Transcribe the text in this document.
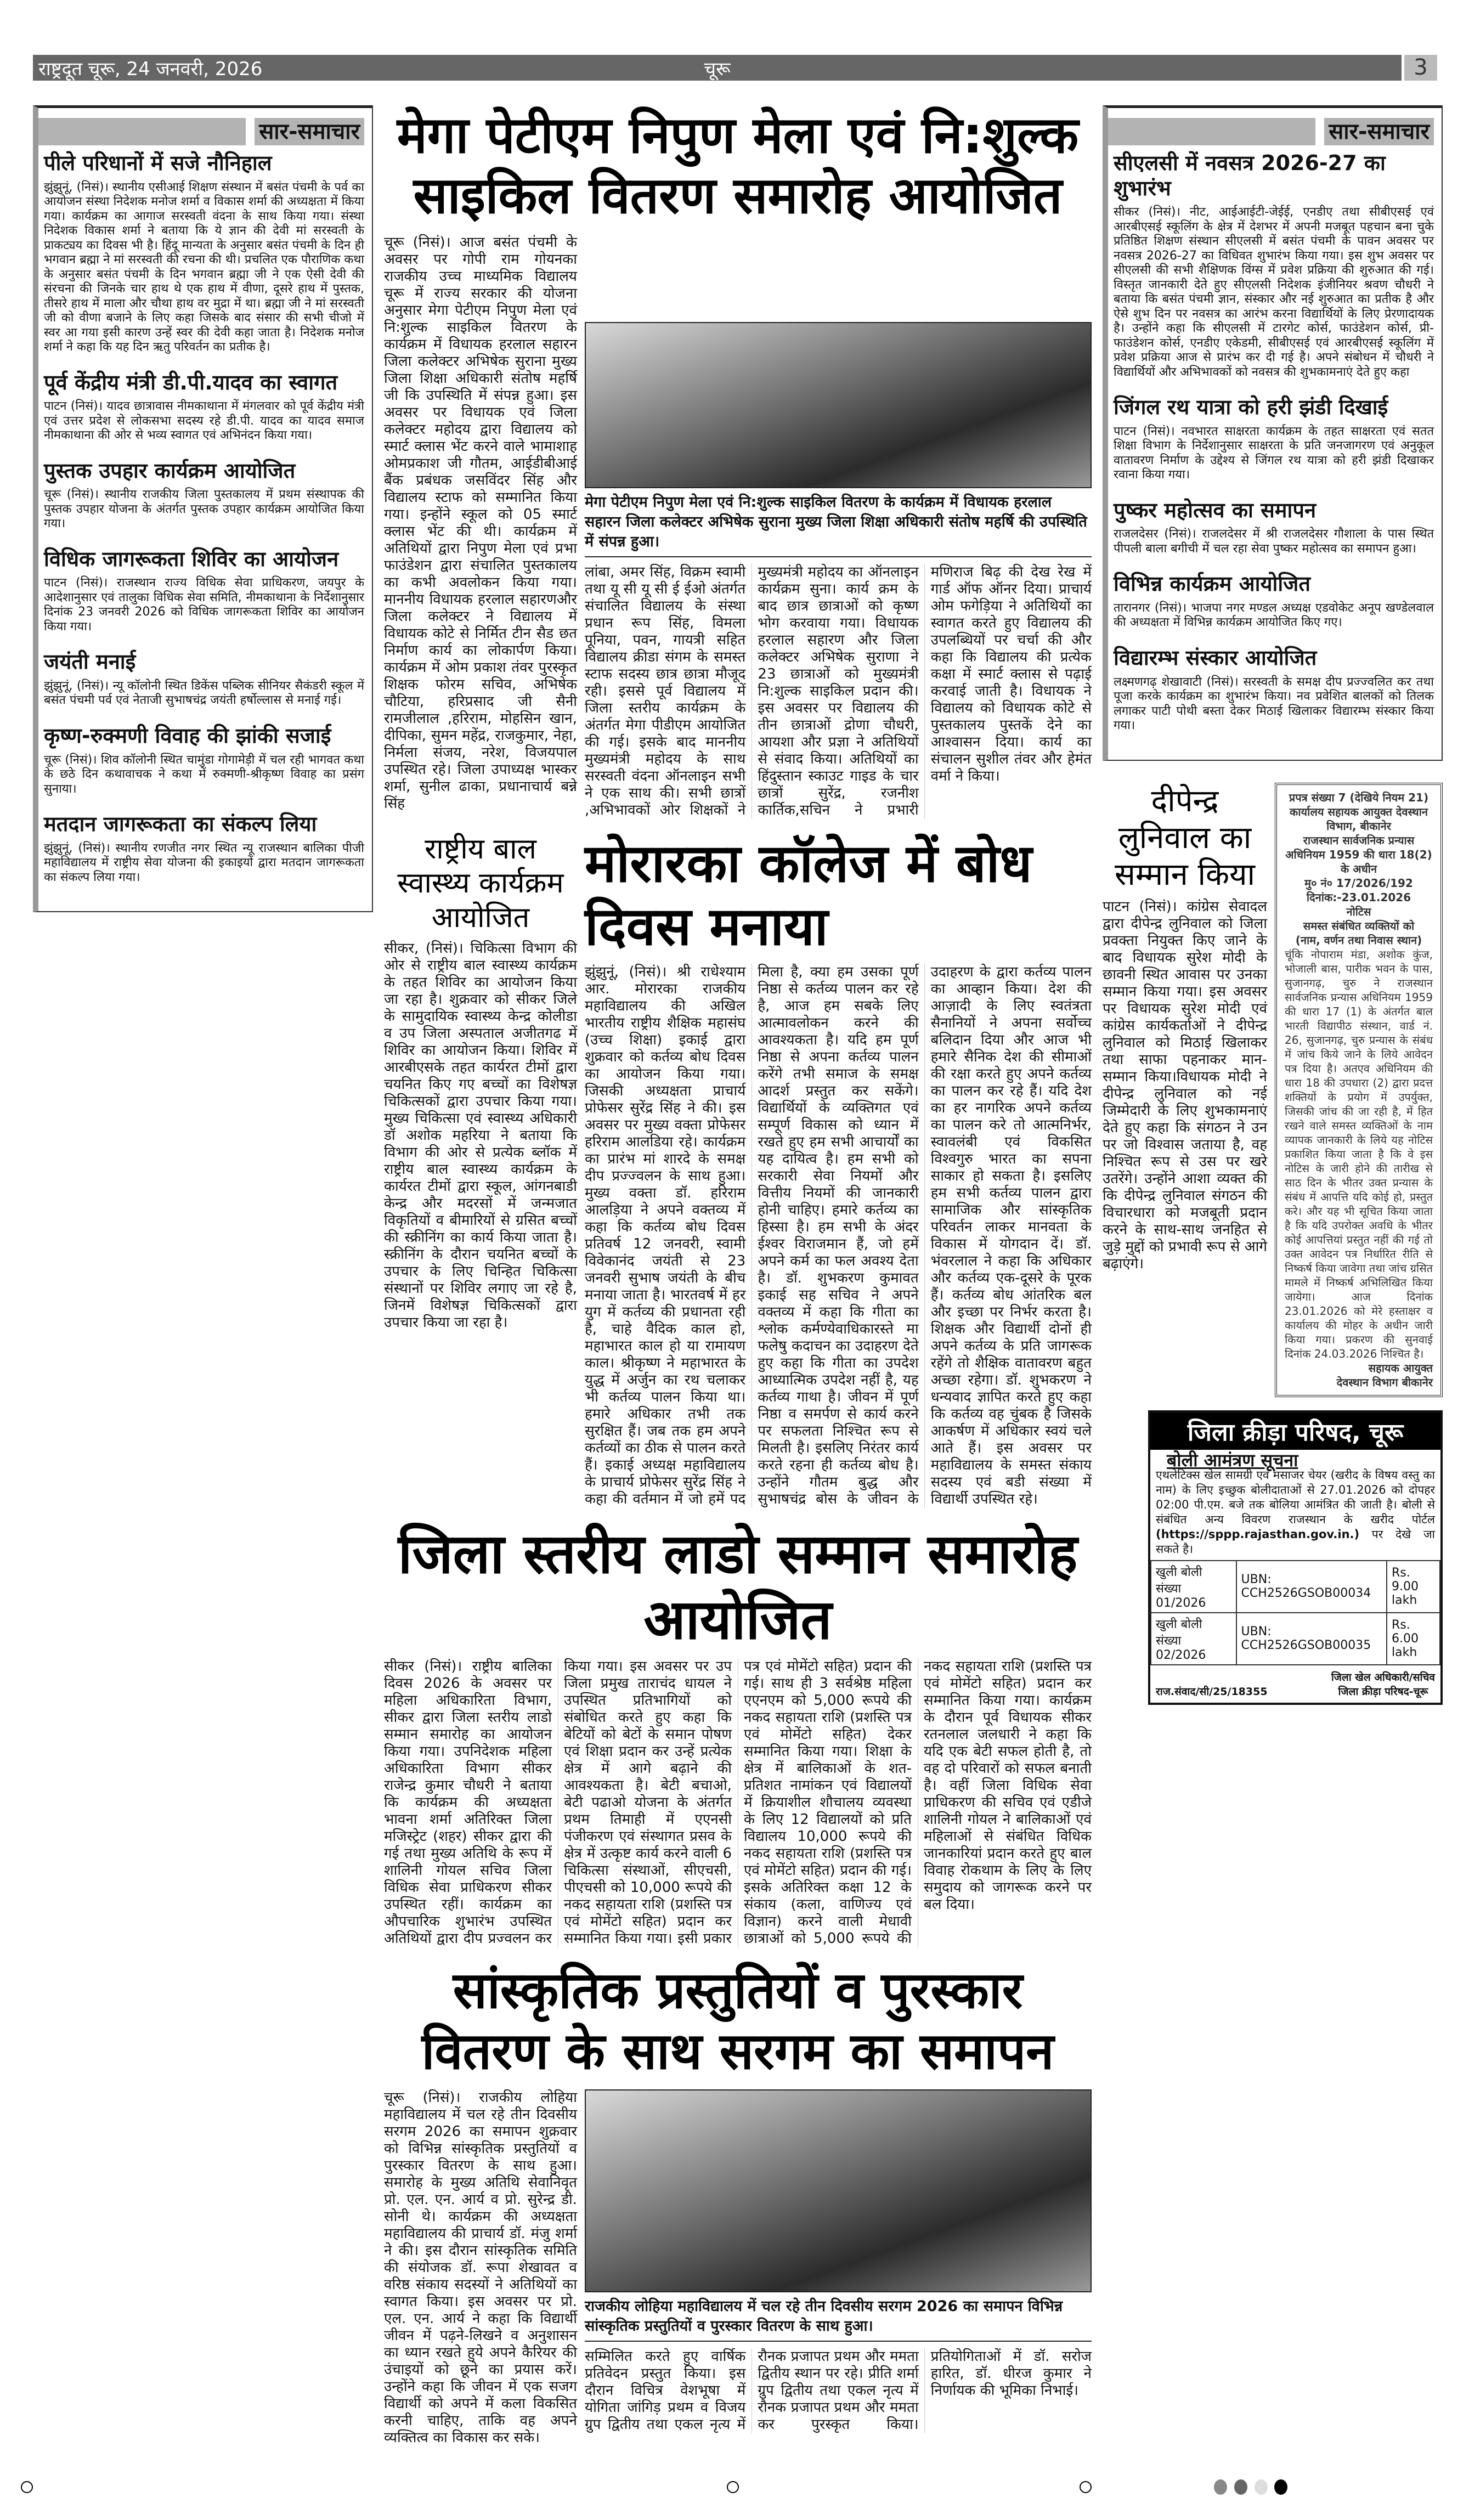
राष्ट्रदूत चूरू, 24 जनवरी, 2026	चूरू	3
सार-समाचार
पीले परिधानों में सजे नौनिहाल
झुंझुनूं, (निसं)। स्थानीय एसीआई शिक्षण संस्थान में बसंत पंचमी के पर्व का आयोजन संस्था निदेशक मनोज शर्मा व विकास शर्मा की अध्यक्षता में किया गया। कार्यक्रम का आगाज सरस्वती वंदना के साथ किया गया। संस्था निदेशक विकास शर्मा ने बताया कि ये ज्ञान की देवी मां सरस्वती के प्राकट्यय का दिवस भी है। हिंदू मान्यता के अनुसार बसंत पंचमी के दिन ही भगवान ब्रह्मा ने मां सरस्वती की रचना की थी। प्रचलित एक पौराणिक कथा के अनुसार बसंत पंचमी के दिन भगवान ब्रह्मा जी ने एक ऐसी देवी की संरचना की जिनके चार हाथ थे एक हाथ में वीणा, दूसरे हाथ में पुस्तक, तीसरे हाथ में माला और चौथा हाथ वर मुद्रा में था। ब्रह्मा जी ने मां सरस्वती जी को वीणा बजाने के लिए कहा जिसके बाद संसार की सभी चीजो में स्वर आ गया इसी कारण उन्हें स्वर की देवी कहा जाता है। निदेशक मनोज शर्मा ने कहा कि यह दिन ऋतु परिवर्तन का प्रतीक है।
पूर्व केंद्रीय मंत्री डी.पी.यादव का स्वागत
पाटन (निसं)। यादव छात्रावास नीमकाथाना में मंगलवार को पूर्व केंद्रीय मंत्री एवं उत्तर प्रदेश से लोकसभा सदस्य रहे डी.पी. यादव का यादव समाज नीमकाथाना की ओर से भव्य स्वागत एवं अभिनंदन किया गया।
पुस्तक उपहार कार्यक्रम आयोजित
चूरू (निसं)। स्थानीय राजकीय जिला पुस्तकालय में प्रथम संस्थापक की पुस्तक उपहार योजना के अंतर्गत पुस्तक उपहार कार्यक्रम आयोजित किया गया।
विधिक जागरूकता शिविर का आयोजन
पाटन (निसं)। राजस्थान राज्य विधिक सेवा प्राधिकरण, जयपुर के आदेशानुसार एवं तालुका विधिक सेवा समिति, नीमकाथाना के निर्देशानुसार दिनांक 23 जनवरी 2026 को विधिक जागरूकता शिविर का आयोजन किया गया।
जयंती मनाई
झुंझुनूं, (निसं)। न्यू कॉलोनी स्थित डिकेंस पब्लिक सीनियर सैकंडरी स्कूल में बसंत पंचमी पर्व एवं नेताजी सुभाषचंद्र जयंती हर्षोल्लास से मनाई गई।
कृष्ण-रुक्मणी विवाह की झांकी सजाई
चूरू (निसं)। शिव कॉलोनी स्थित चामुंडा गोगामेड़ी में चल रही भागवत कथा के छठे दिन कथावाचक ने कथा में रुक्मणी-श्रीकृष्ण विवाह का प्रसंग सुनाया।
मतदान जागरूकता का संकल्प लिया
झुंझुनूं, (निसं)। स्थानीय रणजीत नगर स्थित न्यू राजस्थान बालिका पीजी महाविद्यालय में राष्ट्रीय सेवा योजना की इकाइयों द्वारा मतदान जागरूकता का संकल्प लिया गया।
मेगा पेटीएम निपुण मेला एवं नि:शुल्क साइकिल वितरण समारोह आयोजित
चूरू (निसं)। आज बसंत पंचमी के अवसर पर गोपी राम गोयनका राजकीय उच्च माध्यमिक विद्यालय चूरू में राज्य सरकार की योजना अनुसार मेगा पेटीएम निपुण मेला एवं नि:शुल्क साइकिल वितरण के कार्यक्रम में विधायक हरलाल सहारन जिला कलेक्टर अभिषेक सुराना मुख्य जिला शिक्षा अधिकारी संतोष महर्षि जी कि उपस्थिति में संपन्न हुआ। इस अवसर पर विधायक एवं जिला कलेक्टर महोदय द्वारा विद्यालय को स्मार्ट क्लास भेंट करने वाले भामाशाह ओमप्रकाश जी गौतम, आईडीबीआई बैंक प्रबंधक जसविंदर सिंह और विद्यालय स्टाफ को सम्मानित किया गया। इन्होंने स्कूल को 05 स्मार्ट क्लास भेंट की थी। कार्यक्रम में अतिथियों द्वारा निपुण मेला एवं प्रभा फाउंडेशन द्वारा संचालित पुस्तकालय का कभी अवलोकन किया गया। माननीय विधायक हरलाल सहारणऔर जिला कलेक्टर ने विद्यालय में विधायक कोटे से निर्मित टीन सैड छत निर्माण कार्य का लोकार्पण किया। कार्यक्रम में ओम प्रकाश तंवर पुरस्कृत शिक्षक फोरम सचिव, अभिषेक चौटिया, हरिप्रसाद जी सैनी रामजीलाल ,हरिराम, मोहसिन खान, दीपिका, सुमन महेंद्र, राजकुमार, नेहा, निर्मला संजय, नरेश, विजयपाल उपस्थित रहे। जिला उपाध्यक्ष भास्कर शर्मा, सुनील ढाका, प्रधानाचार्य बन्ने सिंह
मेगा पेटीएम निपुण मेला एवं नि:शुल्क साइकिल वितरण के कार्यक्रम में विधायक हरलाल सहारन जिला कलेक्टर अभिषेक सुराना मुख्य जिला शिक्षा अधिकारी संतोष महर्षि की उपस्थिति में संपन्न हुआ।
लांबा, अमर सिंह, विक्रम स्वामी तथा यू सी यू सी ई ईओ अंतर्गत संचालित विद्यालय के संस्था प्रधान रूप सिंह, विमला पूनिया, पवन, गायत्री सहित विद्यालय क्रीडा संगम के समस्त स्टाफ सदस्य छात्र छात्रा मौजूद रही। इससे पूर्व विद्यालय में जिला स्तरीय कार्यक्रम के अंतर्गत मेगा पीडीएम आयोजित की गई। इसके बाद माननीय मुख्यमंत्री महोदय के साथ सरस्वती वंदना ऑनलाइन सभी ने एक साथ की। सभी छात्रों ,अभिभावकों ओर शिक्षकों ने मुख्यमंत्री महोदय का ऑनलाइन कार्यक्रम सुना। कार्य क्रम के बाद छात्र छात्राओं को कृष्ण भोग करवाया गया। विधायक हरलाल सहारण और जिला कलेक्टर अभिषेक सुराणा ने 23 छात्राओं को मुख्यमंत्री नि:शुल्क साइकिल प्रदान की। इस अवसर पर विद्यालय की तीन छात्राओं द्रोणा चौधरी, आयशा और प्रज्ञा ने अतिथियों से संवाद किया। अतिथियों का हिंदुस्तान स्काउट गाइड के चार छात्रों सुरेंद्र, रजनीश कार्तिक,सचिन ने प्रभारी मणिराज बिढ़ की देख रेख में गार्ड ऑफ ऑनर दिया। प्राचार्य ओम फगेड़िया ने अतिथियों का स्वागत करते हुए विद्यालय की उपलब्धियों पर चर्चा की और कहा कि विद्यालय की प्रत्येक कक्षा में स्मार्ट क्लास से पढ़ाई करवाई जाती है। विधायक ने विद्यालय को विधायक कोटे से पुस्तकालय पुस्तकें देने का आश्वासन दिया। कार्य का संचालन सुशील तंवर और हेमंत वर्मा ने किया।
राष्ट्रीय बाल स्वास्थ्य कार्यक्रम आयोजित
सीकर, (निसं)। चिकित्सा विभाग की ओर से राष्ट्रीय बाल स्वास्थ्य कार्यक्रम के तहत शिविर का आयोजन किया जा रहा है। शुक्रवार को सीकर जिले के सामुदायिक स्वास्थ्य केन्द्र कोलीडा व उप जिला अस्पताल अजीतगढ में शिविर का आयोजन किया। शिविर में आरबीएसके तहत कार्यरत टीमों द्वारा चयनित किए गए बच्चों का विशेषज्ञ चिकित्सकों द्वारा उपचार किया गया। मुख्य चिकित्सा एवं स्वास्थ्य अधिकारी डॉ अशोक महरिया ने बताया कि विभाग की ओर से प्रत्येक ब्लॉक में राष्ट्रीय बाल स्वास्थ्य कार्यक्रम के कार्यरत टीमों द्वारा स्कूल, आंगनबाडी केन्द्र और मदरसों में जन्मजात विकृतियों व बीमारियों से ग्रसित बच्चों की स्क्रीनिंग का कार्य किया जाता है। स्क्रीनिंग के दौरान चयनित बच्चों के उपचार के लिए चिन्हित चिकित्सा संस्थानों पर शिविर लगाए जा रहे है, जिनमें विशेषज्ञ चिकित्सकों द्वारा उपचार किया जा रहा है।
मोरारका कॉलेज में बोध दिवस मनाया
झुंझुनूं, (निसं)। श्री राधेश्याम आर. मोरारका राजकीय महाविद्यालय की अखिल भारतीय राष्ट्रीय शैक्षिक महासंघ (उच्च शिक्षा) इकाई द्वारा शुक्रवार को कर्तव्य बोध दिवस का आयोजन किया गया। जिसकी अध्यक्षता प्राचार्य प्रोफेसर सुरेंद्र सिंह ने की। इस अवसर पर मुख्य वक्ता प्रोफेसर हरिराम आलडिया रहे। कार्यक्रम का प्रारंभ मां शारदे के समक्ष दीप प्रज्ज्वलन के साथ हुआ। मुख्य वक्ता डॉ. हरिराम आलड़िया ने अपने वक्तव्य में कहा कि कर्तव्य बोध दिवस प्रतिवर्ष 12 जनवरी, स्वामी विवेकानंद जयंती से 23 जनवरी सुभाष जयंती के बीच मनाया जाता है। भारतवर्ष में हर युग में कर्तव्य की प्रधानता रही है, चाहे वैदिक काल हो, महाभारत काल हो या रामायण काल। श्रीकृष्ण ने महाभारत के युद्ध में अर्जुन का रथ चलाकर भी कर्तव्य पालन किया था। हमारे अधिकार तभी तक सुरक्षित हैं। जब तक हम अपने कर्तव्यों का ठीक से पालन करते हैं। इकाई अध्यक्ष महाविद्यालय के प्राचार्य प्रोफेसर सुरेंद्र सिंह ने कहा की वर्तमान में जो हमें पद मिला है, क्या हम उसका पूर्ण निष्ठा से कर्तव्य पालन कर रहे है, आज हम सबके लिए आत्मावलोकन करने की आवश्यकता है। यदि हम पूर्ण निष्ठा से अपना कर्तव्य पालन करेंगे तभी समाज के समक्ष आदर्श प्रस्तुत कर सकेंगे। विद्यार्थियों के व्यक्तिगत एवं सम्पूर्ण विकास को ध्यान में रखते हुए हम सभी आचार्यों का यह दायित्व है। हम सभी को सरकारी सेवा नियमों और वित्तीय नियमों की जानकारी होनी चाहिए। हमारे कर्तव्य का हिस्सा है। हम सभी के अंदर ईश्वर विराजमान हैं, जो हमें अपने कर्म का फल अवश्य देता है। डॉ. शुभकरण कुमावत इकाई सह सचिव ने अपने वक्तव्य में कहा कि गीता का श्लोक कर्मण्येवाधिकारस्ते मा फलेषु कदाचन का उदाहरण देते हुए कहा कि गीता का उपदेश आध्यात्मिक उपदेश नहीं है, यह कर्तव्य गाथा है। जीवन में पूर्ण निष्ठा व समर्पण से कार्य करने पर सफलता निश्चित रूप से मिलती है। इसलिए निरंतर कार्य करते रहना ही कर्तव्य बोध है। उन्होंने गौतम बुद्ध और सुभाषचंद्र बोस के जीवन के उदाहरण के द्वारा कर्तव्य पालन का आव्हान किया। देश की आज़ादी के लिए स्वतंत्रता सैनानियों ने अपना सर्वोच्च बलिदान दिया और आज भी हमारे सैनिक देश की सीमाओं की रक्षा करते हुए अपने कर्तव्य का पालन कर रहे हैं। यदि देश का हर नागरिक अपने कर्तव्य का पालन करे तो आत्मनिर्भर, स्वावलंबी एवं विकसित विश्वगुरु भारत का सपना साकार हो सकता है। इसलिए हम सभी कर्तव्य पालन द्वारा सामाजिक और सांस्कृतिक परिवर्तन लाकर मानवता के विकास में योगदान दें। डॉ. भंवरलाल ने कहा कि अधिकार और कर्तव्य एक-दूसरे के पूरक हैं। कर्तव्य बोध आंतरिक बल और इच्छा पर निर्भर करता है। शिक्षक और विद्यार्थी दोनों ही अपने कर्तव्य के प्रति जागरूक रहेंगे तो शैक्षिक वातावरण बहुत अच्छा रहेगा। डॉ. शुभकरण ने धन्यवाद ज्ञापित करते हुए कहा कि कर्तव्य वह चुंबक है जिसके आकर्षण में अधिकार स्वयं चले आते हैं। इस अवसर पर महाविद्यालय के समस्त संकाय सदस्य एवं बडी संख्या में विद्यार्थी उपस्थित रहे।
जिला स्तरीय लाडो सम्मान समारोह आयोजित
सीकर (निसं)। राष्ट्रीय बालिका दिवस 2026 के अवसर पर महिला अधिकारिता विभाग, सीकर द्वारा जिला स्तरीय लाडो सम्मान समारोह का आयोजन किया गया। उपनिदेशक महिला अधिकारिता विभाग सीकर राजेन्द्र कुमार चौधरी ने बताया कि कार्यक्रम की अध्यक्षता भावना शर्मा अतिरिक्त जिला मजिस्ट्रेट (शहर) सीकर द्वारा की गई तथा मुख्य अतिथि के रूप में शालिनी गोयल सचिव जिला विधिक सेवा प्राधिकरण सीकर उपस्थित रहीं। कार्यक्रम का औपचारिक शुभारंभ उपस्थित अतिथियों द्वारा दीप प्रज्वलन कर किया गया। इस अवसर पर उप जिला प्रमुख ताराचंद धायल ने उपस्थित प्रतिभागियों को संबोधित करते हुए कहा कि बेटियों को बेटों के समान पोषण एवं शिक्षा प्रदान कर उन्हें प्रत्येक क्षेत्र में आगे बढ़ाने की आवश्यकता है। बेटी बचाओ, बेटी पढाओ योजना के अंतर्गत प्रथम तिमाही में एएनसी पंजीकरण एवं संस्थागत प्रसव के क्षेत्र में उत्कृष्ट कार्य करने वाली 6 चिकित्सा संस्थाओं, सीएचसी, पीएचसी को 10,000 रूपये की नकद सहायता राशि (प्रशस्ति पत्र एवं मोमेंटो सहित) प्रदान कर सम्मानित किया गया। इसी प्रकार पत्र एवं मोमेंटो सहित) प्रदान की गई। साथ ही 3 सर्वश्रेष्ठ महिला एएनएम को 5,000 रूपये की नकद सहायता राशि (प्रशस्ति पत्र एवं मोमेंटो सहित) देकर सम्मानित किया गया। शिक्षा के क्षेत्र में बालिकाओं के शत-प्रतिशत नामांकन एवं विद्यालयों में क्रियाशील शौचालय व्यवस्था के लिए 12 विद्यालयों को प्रति विद्यालय 10,000 रूपये की नकद सहायता राशि (प्रशस्ति पत्र एवं मोमेंटो सहित) प्रदान की गई। इसके अतिरिक्त कक्षा 12 के संकाय (कला, वाणिज्य एवं विज्ञान) करने वाली मेधावी छात्राओं को 5,000 रूपये की नकद सहायता राशि (प्रशस्ति पत्र एवं मोमेंटो सहित) प्रदान कर सम्मानित किया गया। कार्यक्रम के दौरान पूर्व विधायक सीकर रतनलाल जलधारी ने कहा कि यदि एक बेटी सफल होती है, तो वह दो परिवारों को सफल बनाती है। वहीं जिला विधिक सेवा प्राधिकरण की सचिव एवं एडीजे शालिनी गोयल ने बालिकाओं एवं महिलाओं से संबंधित विधिक जानकारियां प्रदान करते हुए बाल विवाह रोकथाम के लिए के लिए समुदाय को जागरूक करने पर बल दिया।
सांस्कृतिक प्रस्तुतियों व पुरस्कार वितरण के साथ सरगम का समापन
चूरू (निसं)। राजकीय लोहिया महाविद्यालय में चल रहे तीन दिवसीय सरगम 2026 का समापन शुक्रवार को विभिन्न सांस्कृतिक प्रस्तुतियों व पुरस्कार वितरण के साथ हुआ। समारोह के मुख्य अतिथि सेवानिवृत प्रो. एल. एन. आर्य व प्रो. सुरेन्द्र डी. सोनी थे। कार्यक्रम की अध्यक्षता महाविद्यालय की प्राचार्य डॉ. मंजु शर्मा ने की। इस दौरान सांस्कृतिक समिति की संयोजक डॉ. रूपा शेखावत व वरिष्ठ संकाय सदस्यों ने अतिथियों का स्वागत किया। इस अवसर पर प्रो. एल. एन. आर्य ने कहा कि विद्यार्थी जीवन में पढ़ने-लिखने व अनुशासन का ध्यान रखते हुये अपने कैरियर की उंचाइयों को छूने का प्रयास करें। उन्होंने कहा कि जीवन में एक सजग विद्यार्थी को अपने में कला विकसित करनी चाहिए, ताकि वह अपने व्यक्तित्व का विकास कर सके।
राजकीय लोहिया महाविद्यालय में चल रहे तीन दिवसीय सरगम 2026 का समापन विभिन्न सांस्कृतिक प्रस्तुतियों व पुरस्कार वितरण के साथ हुआ।
सम्मिलित करते हुए वार्षिक प्रतिवेदन प्रस्तुत किया। इस दौरान विचित्र वेशभूषा में योगिता जांगिड़ प्रथम व विजय ग्रुप द्वितीय तथा एकल नृत्य में रौनक प्रजापत प्रथम और ममता द्वितीय स्थान पर रहे। प्रीति शर्मा ग्रुप द्वितीय तथा एकल नृत्य में रौनक प्रजापत प्रथम और ममता कर पुरस्कृत किया। प्रतियोगिताओं में डॉ. सरोज हारित, डॉ. धीरज कुमार ने निर्णायक की भूमिका निभाई।
सार-समाचार
सीएलसी में नवसत्र 2026-27 का शुभारंभ
सीकर (निसं)। नीट, आईआईटी-जेईई, एनडीए तथा सीबीएसई एवं आरबीएसई स्कूलिंग के क्षेत्र में देशभर में अपनी मजबूत पहचान बना चुके प्रतिष्ठित शिक्षण संस्थान सीएलसी में बसंत पंचमी के पावन अवसर पर नवसत्र 2026-27 का विधिवत शुभारंभ किया गया। इस शुभ अवसर पर सीएलसी की सभी शैक्षिणक विंग्स में प्रवेश प्रक्रिया की शुरुआत की गई। विस्तृत जानकारी देते हुए सीएलसी निदेशक इंजीनियर श्रवण चौधरी ने बताया कि बसंत पंचमी ज्ञान, संस्कार और नई शुरुआत का प्रतीक है और ऐसे शुभ दिन पर नवसत्र का आरंभ करना विद्यार्थियों के लिए प्रेरणादायक है। उन्होंने कहा कि सीएलसी में टारगेट कोर्स, फाउंडेशन कोर्स, प्री-फाउंडेशन कोर्स, एनडीए एकेडमी, सीबीएसई एवं आरबीएसई स्कूलिंग में प्रवेश प्रक्रिया आज से प्रारंभ कर दी गई है। अपने संबोधन में चौधरी ने विद्यार्थियों और अभिभावकों को नवसत्र की शुभकामनाएं देते हुए कहा
जिंगल रथ यात्रा को हरी झंडी दिखाई
पाटन (निसं)। नवभारत साक्षरता कार्यक्रम के तहत साक्षरता एवं सतत शिक्षा विभाग के निर्देशानुसार साक्षरता के प्रति जनजागरण एवं अनुकूल वातावरण निर्माण के उद्देश्य से जिंगल रथ यात्रा को हरी झंडी दिखाकर रवाना किया गया।
पुष्कर महोत्सव का समापन
राजलदेसर (निसं)। राजलदेसर में श्री राजलदेसर गौशाला के पास स्थित पीपली बाला बगीची में चल रहा सेवा पुष्कर महोत्सव का समापन हुआ।
विभिन्न कार्यक्रम आयोजित
तारानगर (निसं)। भाजपा नगर मण्डल अध्यक्ष एडवोकेट अनूप खण्डेलवाल की अध्यक्षता में विभिन्न कार्यक्रम आयोजित किए गए।
विद्यारम्भ संस्कार आयोजित
लक्ष्मणगढ़ शेखावाटी (निसं)। सरस्वती के समक्ष दीप प्रज्ज्वलित कर तथा पूजा करके कार्यक्रम का शुभारंभ किया। नव प्रवेशित बालकों को तिलक लगाकर पाटी पोथी बस्ता देकर मिठाई खिलाकर विद्यारम्भ संस्कार किया गया।
दीपेन्द्र लुनिवाल का सम्मान किया
पाटन (निसं)। कांग्रेस सेवादल द्वारा दीपेन्द्र लुनिवाल को जिला प्रवक्ता नियुक्त किए जाने के बाद विधायक सुरेश मोदी के छावनी स्थित आवास पर उनका सम्मान किया गया। इस अवसर पर विधायक सुरेश मोदी एवं कांग्रेस कार्यकर्ताओं ने दीपेन्द्र लुनिवाल को मिठाई खिलाकर तथा साफा पहनाकर मान-सम्मान किया।विधायक मोदी ने दीपेन्द्र लुनिवाल को नई जिम्मेदारी के लिए शुभकामनाएं देते हुए कहा कि संगठन ने उन पर जो विश्वास जताया है, वह निश्चित रूप से उस पर खरे उतरेंगे। उन्होंने आशा व्यक्त की कि दीपेन्द्र लुनिवाल संगठन की विचारधारा को मजबूती प्रदान करने के साथ-साथ जनहित से जुड़े मुद्दों को प्रभावी रूप से आगे बढ़ाएंगे।
प्रपत्र संख्या 7 (देखिये नियम 21)
कार्यालय सहायक आयुक्त देवस्थान विभाग, बीकानेर
राजस्थान सार्वजनिक प्रन्यास अधिनियम 1959 की धारा 18(2) के अधीन
मु० नं० 17/2026/192
दिनांक:-23.01.2026
नोटिस
समस्त संबंधित व्यक्तियों को
(नाम, वर्णन तथा निवास स्थान)
चूंकि नोपाराम मंडा, अशोक कुंज, भोजाली बास, पारीक भवन के पास, सुजानगढ़, चुरु ने राजस्थान सार्वजनिक प्रन्यास अधिनियम 1959 की धारा 17 (1) के अंतर्गत बाल भारती विद्यापीठ संस्थान, वार्ड नं. 26, सुजानगढ़, चुरु प्रन्यास के संबंध में जांच किये जाने के लिये आवेदन पत्र दिया है। अतएव अधिनियम की धारा 18 की उपधारा (2) द्वारा प्रदत्त शक्तियों के प्रयोग में उपर्युक्त, जिसकी जांच की जा रही है, में हित रखने वाले समस्त व्यक्तिओं के नाम व्यापक जानकारी के लिये यह नोटिस प्रकाशित किया जाता है कि वे इस नोटिस के जारी होने की तारीख से साठ दिन के भीतर उक्त प्रन्यास के संबंध में आपत्ति यदि कोई हो, प्रस्तुत करे। और यह भी सूचित किया जाता है कि यदि उपरोक्त अवधि के भीतर कोई आपत्तियां प्रस्तुत नहीं की गई तो उक्त आवेदन पत्र निर्धारित रीति से निष्कर्ष किया जावेगा तथा जांच ग्रसित मामले में निष्कर्ष अभिलिखित किया जायेगा। आज दिनांक 23.01.2026 को मेरे हस्ताक्षर व कार्यालय की मोहर के अधीन जारी किया गया। प्रकरण की सुनवाई दिनांक 24.03.2026 निश्चित है।
सहायक आयुक्त
देवस्थान विभाग बीकानेर
जिला क्रीड़ा परिषद, चूरू
बोली आमंत्रण सूचना
एथलेटिक्स खेल सामग्री एवं मसाजर चेयर (खरीद के विषय वस्तु का नाम) के लिए इच्छुक बोलीदाताओं से 27.01.2026 को दोपहर 02:00 पी.एम. बजे तक बोलिया आमंत्रित की जाती है। बोली से संबंधित अन्य विवरण राजस्थान के खरीद पोर्टल (https://sppp.rajasthan.gov.in.) पर देखे जा सकते है।
खुली बोली संख्या 01/2026	UBN: CCH2526GSOB00034	Rs. 9.00 lakh
खुली बोली संख्या 02/2026	UBN: CCH2526GSOB00035	Rs. 6.00 lakh
राज.संवाद/सी/25/18355
जिला खेल अधिकारी/सचिव
जिला क्रीड़ा परिषद-चूरू
